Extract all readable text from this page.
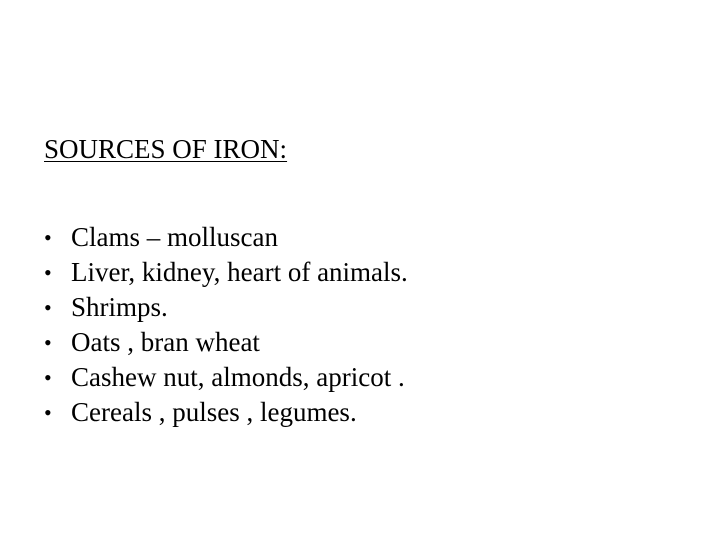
SOURCES OF IRON:
• Clams – molluscan
• Liver, kidney, heart of animals.
• Shrimps.
• Oats , bran wheat
• Cashew nut, almonds, apricot .
• Cereals , pulses , legumes.
